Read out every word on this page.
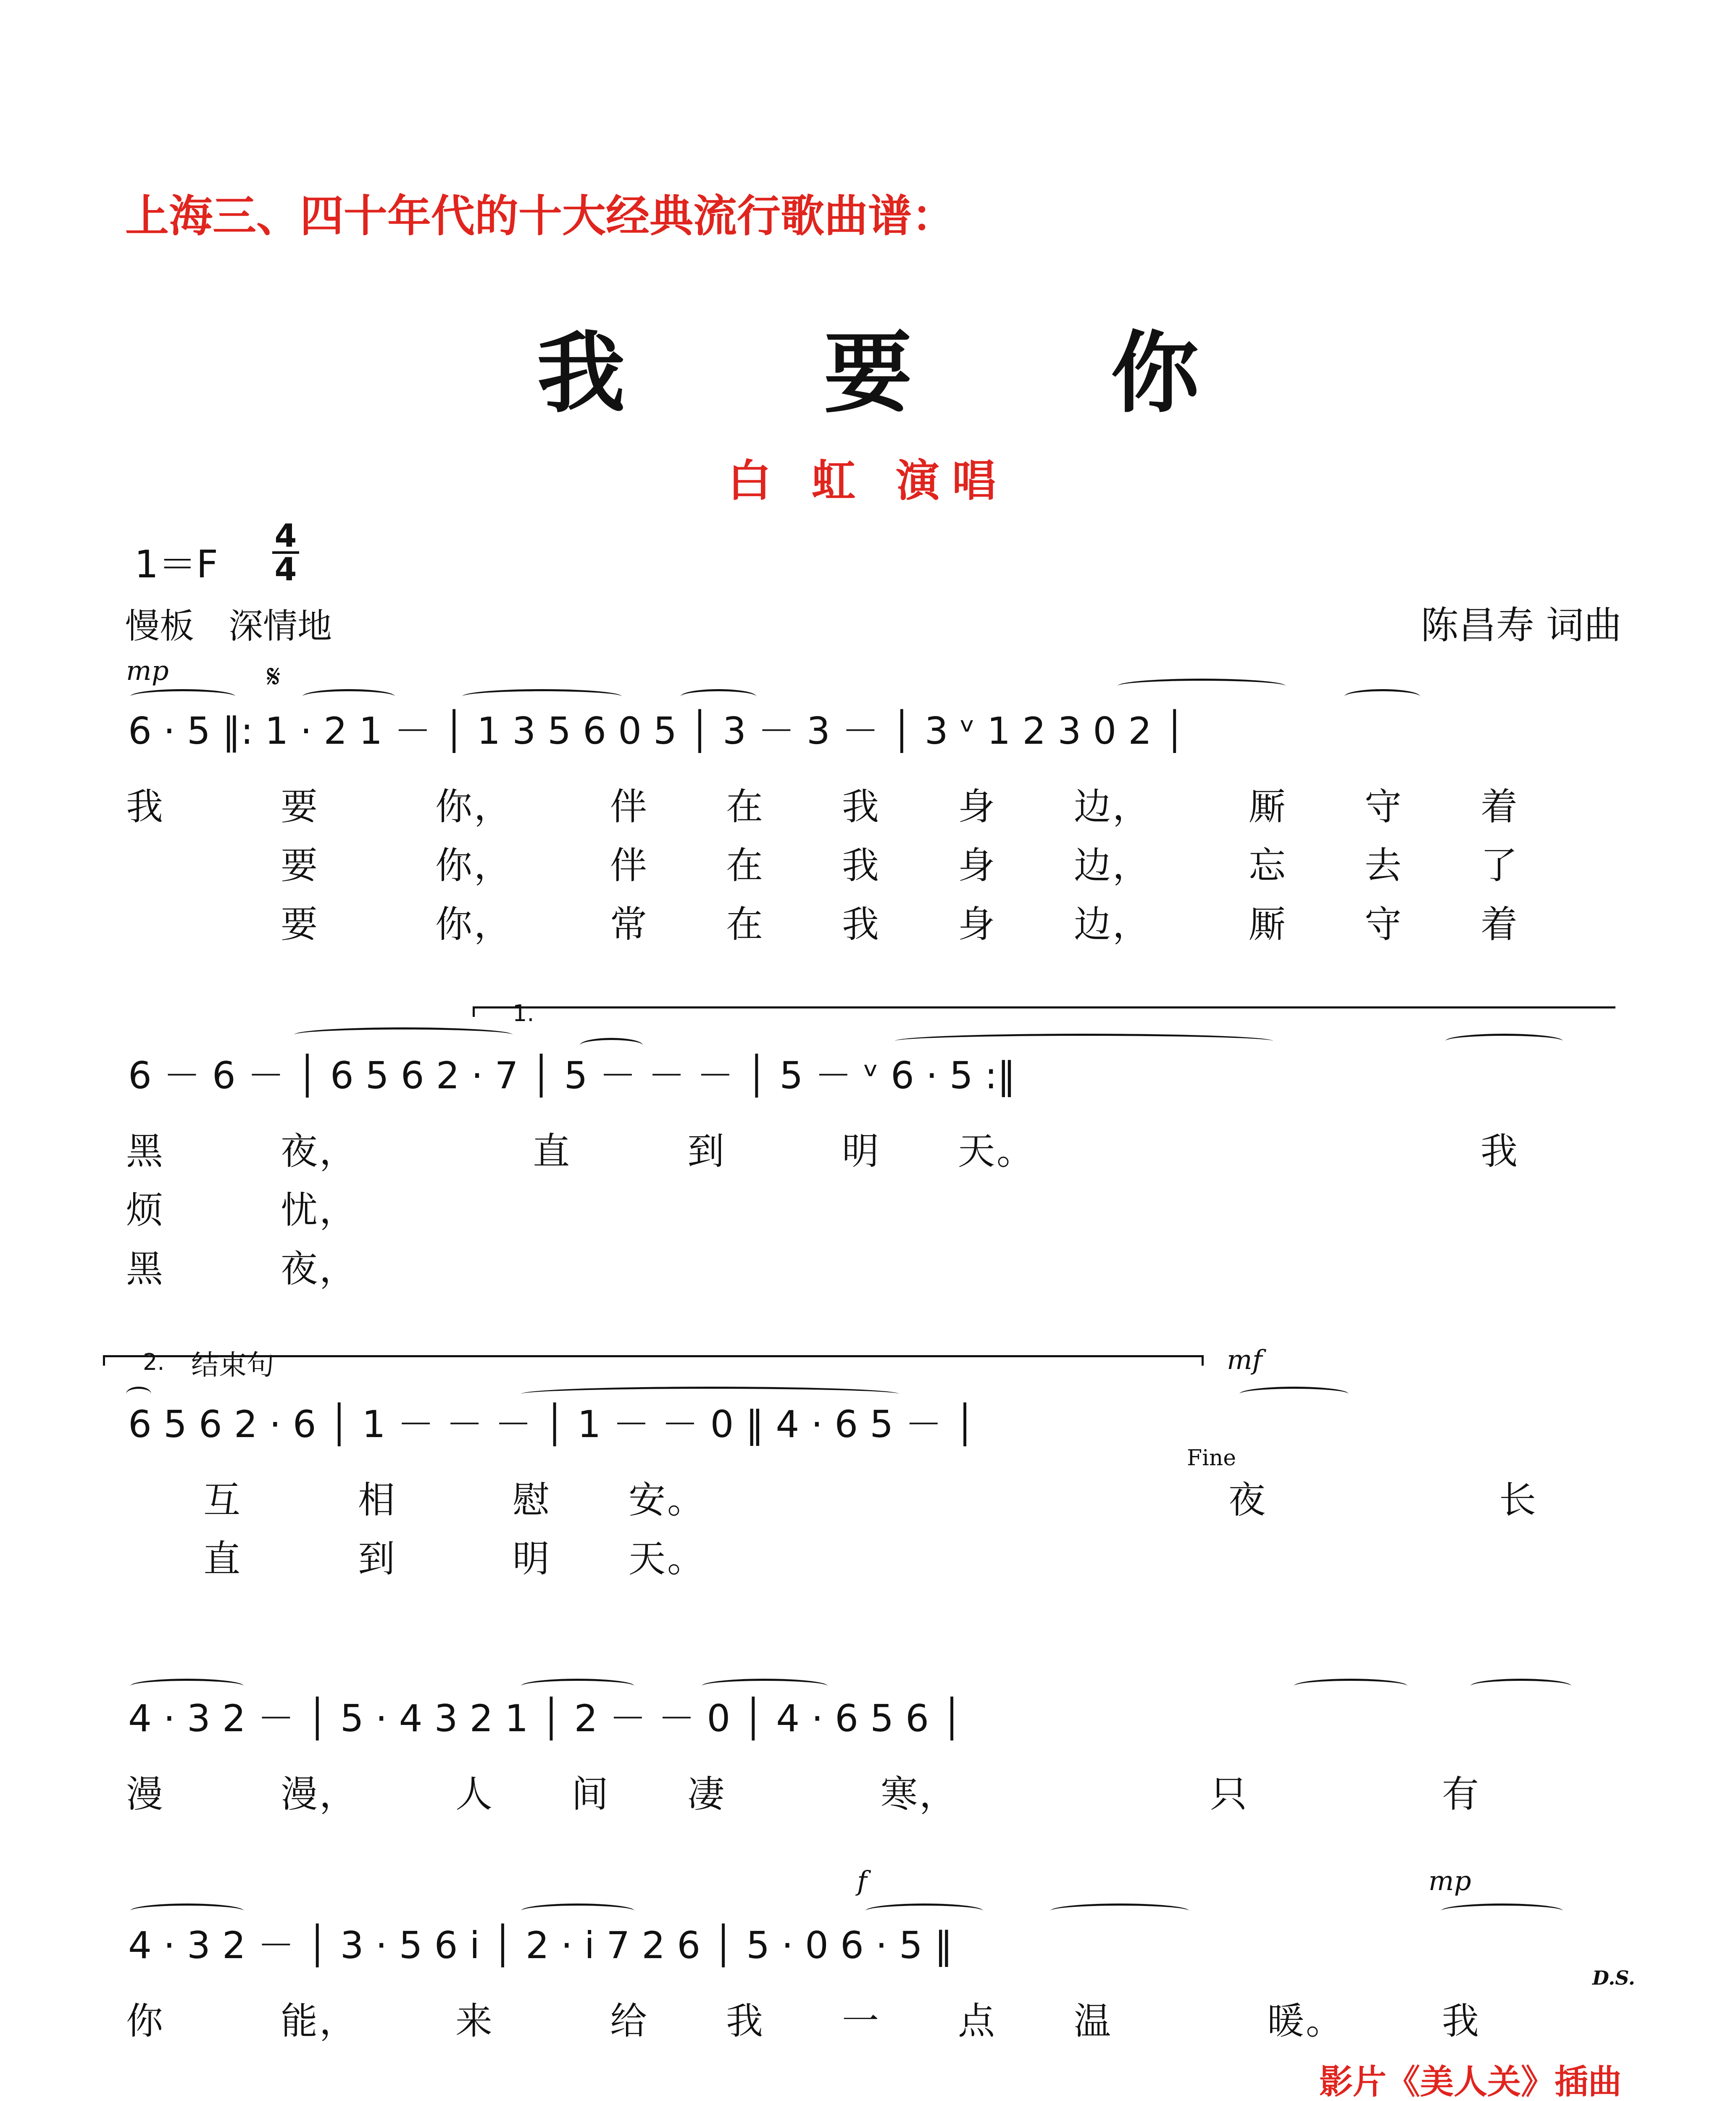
上海三、四十年代的十大经典流行歌曲谱：
我 要 你
白 虹 演唱
1＝F
4
4
慢板　深情地	陈昌寿 词曲
mp	𝄋
6 · 5 ‖: 1 · 2 1 － │ 1 3 5 6 0 5 │ 3 － 3 － │ 3 ᵛ 1 2 3 0 2 │
我　　　要　　　你，　　　伴　　在　　我　　身　　边，　　　厮　　守　　着
　　　　要　　　你，　　　伴　　在　　我　　身　　边，　　　忘　　去　　了
　　　　要　　　你，　　　常　　在　　我　　身　　边，　　　厮　　守　　着
1.
6 － 6 － │ 6 5 6 2 · 7 │ 5 － － － │ 5 － ᵛ 6 · 5 :‖
黑　　　夜，　　　　　直　　　到　　　明　　天。　　　　　　　　　　　　我
烦　　　忧，
黑　　　夜，
2. 结束句	mf
6 5 6 2 · 6 │ 1 － － － │ 1 － － 0 ‖ 4 · 6 5 － │
Fine
　　互　　　相　　　慰　　安。　　　　　　　　　　　　　　夜　　　　　　长
　　直　　　到　　　明　　天。
4 · 3 2 － │ 5 · 4 3 2 1 │ 2 － － 0 │ 4 · 6 5 6 │
漫　　　漫，　　　人　　间　　凄　　　　寒，　　　　　　　只　　　　　有
f	mp
4 · 3 2 － │ 3 · 5 6 i │ 2 · i 7 2 6 │ 5 · 0 6 · 5 ‖
D.S.
你　　　能，　　　来　　　给　　我　　一　　点　　温　　　　暖。　　　我
影片《美人关》插曲
